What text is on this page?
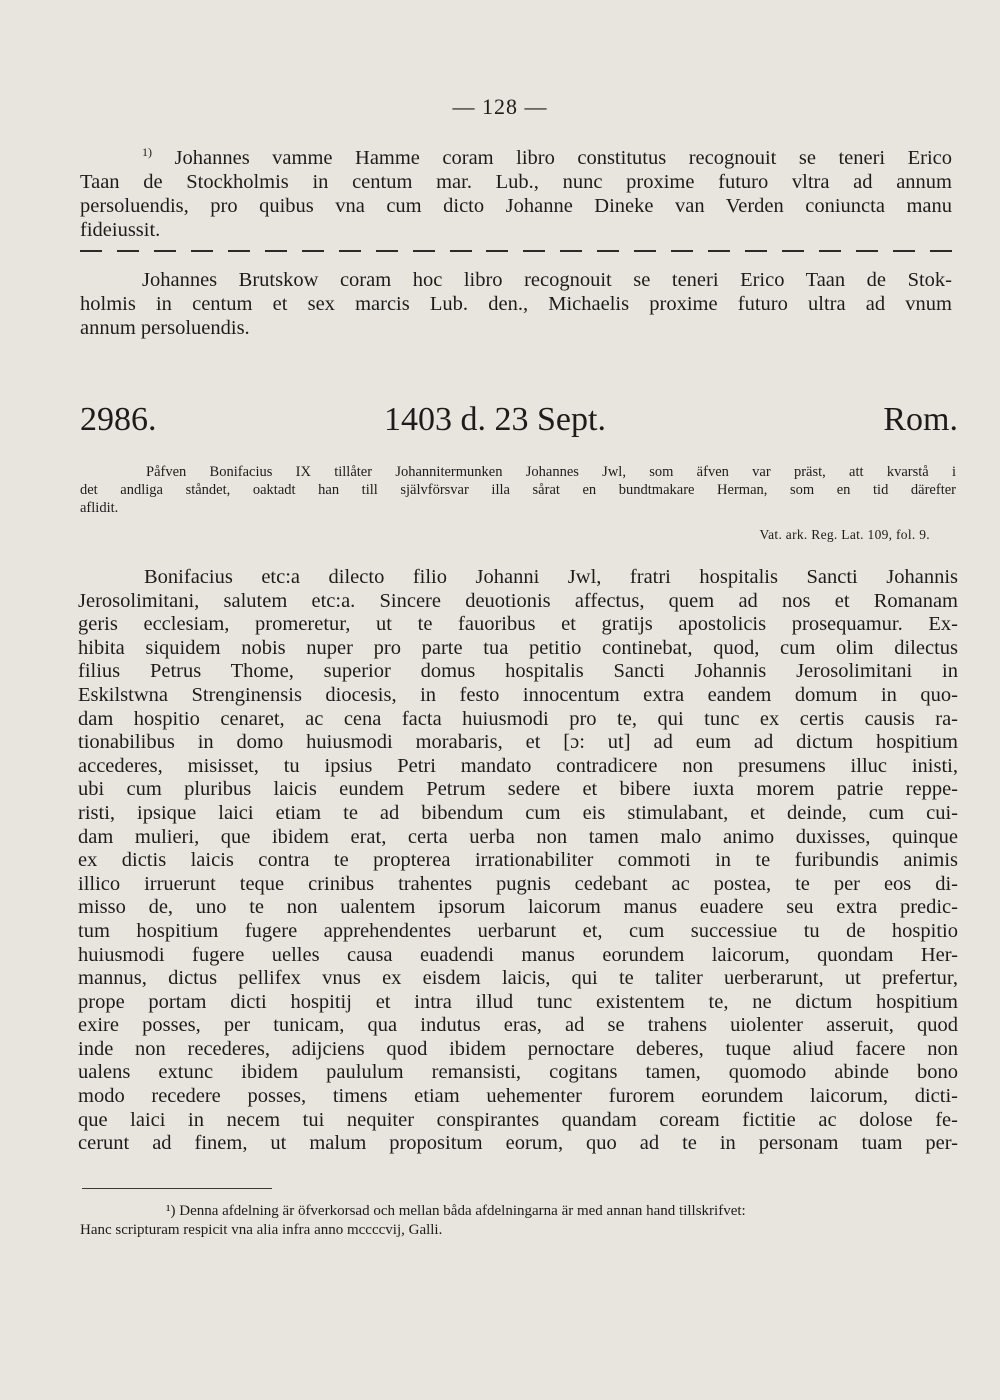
— 128 —
$^{1)}$ Johannes vamme Hamme coram libro constitutus recognouit se teneri Erico
Taan de Stockholmis in centum mar. Lub., nunc proxime futuro vltra ad annum
persoluendis, pro quibus vna cum dicto Johanne Dineke van Verden coniuncta manu
fideiussit.
Johannes Brutskow coram hoc libro recognouit se teneri Erico Taan de Stok-
holmis in centum et sex marcis Lub. den., Michaelis proxime futuro ultra ad vnum
annum persoluendis.
2986.	1403 d. 23 Sept.	Rom.
Påfven Bonifacius IX tillåter Johannitermunken Johannes Jwl, som äfven var präst, att kvarstå i
det andliga ståndet, oaktadt han till självförsvar illa sårat en bundtmakare Herman, som en tid därefter
aflidit.
Vat. ark. Reg. Lat. 109, fol. 9.
Bonifacius etc:a dilecto filio Johanni Jwl, fratri hospitalis Sancti Johannis
Jerosolimitani, salutem etc:a. Sincere deuotionis affectus, quem ad nos et Romanam
geris ecclesiam, promeretur, ut te fauoribus et gratijs apostolicis prosequamur. Ex-
hibita siquidem nobis nuper pro parte tua petitio continebat, quod, cum olim dilectus
filius Petrus Thome, superior domus hospitalis Sancti Johannis Jerosolimitani in
Eskilstwna Strenginensis diocesis, in festo innocentum extra eandem domum in quo-
dam hospitio cenaret, ac cena facta huiusmodi pro te, qui tunc ex certis causis ra-
tionabilibus in domo huiusmodi morabaris, et [ɔ: ut] ad eum ad dictum hospitium
accederes, misisset, tu ipsius Petri mandato contradicere non presumens illuc inisti,
ubi cum pluribus laicis eundem Petrum sedere et bibere iuxta morem patrie reppe-
risti, ipsique laici etiam te ad bibendum cum eis stimulabant, et deinde, cum cui-
dam mulieri, que ibidem erat, certa uerba non tamen malo animo duxisses, quinque
ex dictis laicis contra te propterea irrationabiliter commoti in te furibundis animis
illico irruerunt teque crinibus trahentes pugnis cedebant ac postea, te per eos di-
misso de, uno te non ualentem ipsorum laicorum manus euadere seu extra predic-
tum hospitium fugere apprehendentes uerbarunt et, cum successiue tu de hospitio
huiusmodi fugere uelles causa euadendi manus eorundem laicorum, quondam Her-
mannus, dictus pellifex vnus ex eisdem laicis, qui te taliter uerberarunt, ut prefertur,
prope portam dicti hospitij et intra illud tunc existentem te, ne dictum hospitium
exire posses, per tunicam, qua indutus eras, ad se trahens uiolenter asseruit, quod
inde non recederes, adijciens quod ibidem pernoctare deberes, tuque aliud facere non
ualens extunc ibidem paululum remansisti, cogitans tamen, quomodo abinde bono
modo recedere posses, timens etiam uehementer furorem eorundem laicorum, dicti-
que laici in necem tui nequiter conspirantes quandam coream fictitie ac dolose fe-
cerunt ad finem, ut malum propositum eorum, quo ad te in personam tuam per-
¹) Denna afdelning är öfverkorsad och mellan båda afdelningarna är med annan hand tillskrifvet:
Hanc scripturam respicit vna alia infra anno mccccvij, Galli.
